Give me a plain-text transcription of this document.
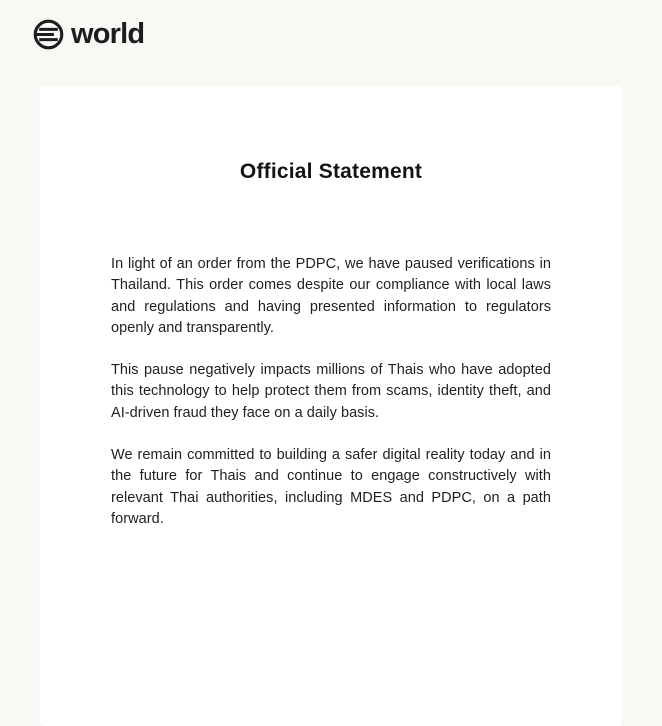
world
Official Statement

In light of an order from the PDPC, we have paused verifications in Thailand. This order comes despite our compliance with local laws and regulations and having presented information to regulators openly and transparently.

This pause negatively impacts millions of Thais who have adopted this technology to help protect them from scams, identity theft, and AI-driven fraud they face on a daily basis.

We remain committed to building a safer digital reality today and in the future for Thais and continue to engage constructively with relevant Thai authorities, including MDES and PDPC, on a path forward.
